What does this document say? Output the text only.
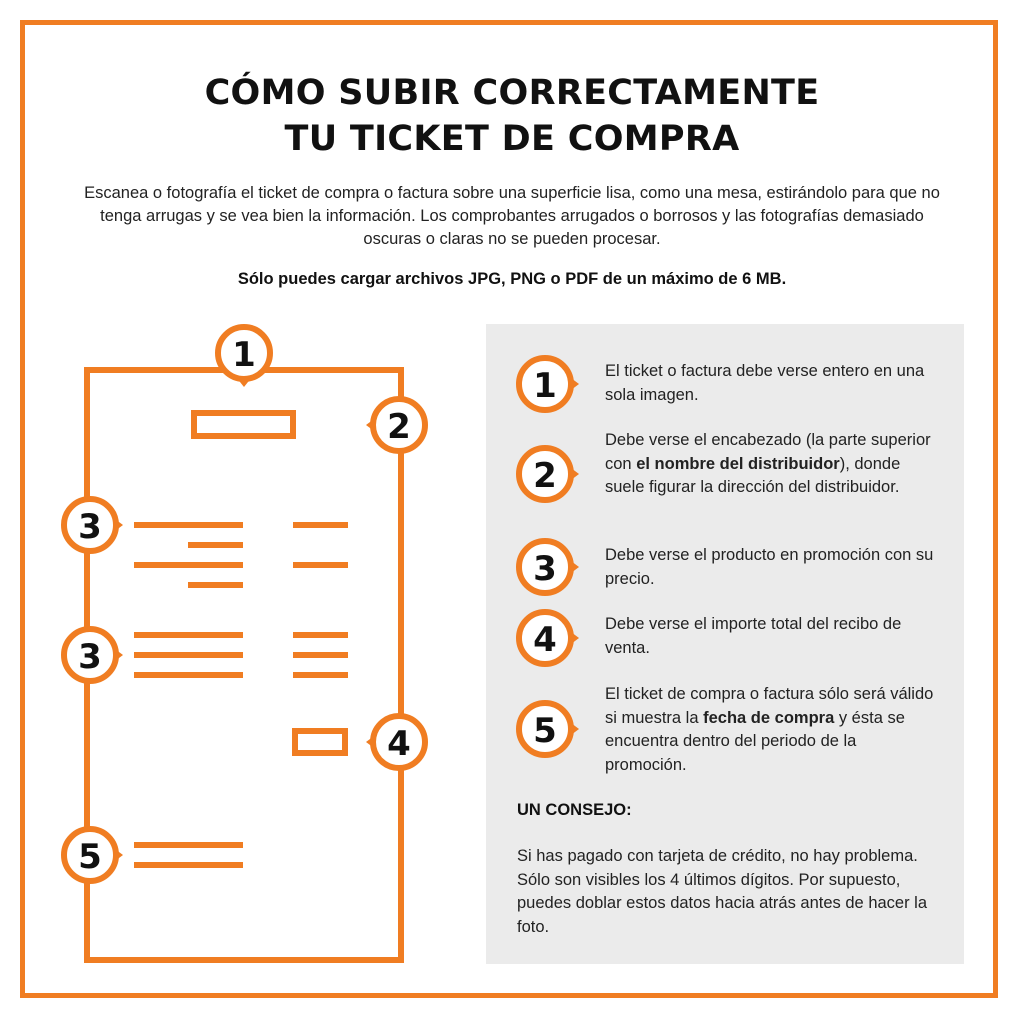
CÓMO SUBIR CORRECTAMENTE
TU TICKET DE COMPRA
Escanea o fotografía el ticket de compra o factura sobre una superficie lisa, como una mesa, estirándolo para que no tenga arrugas y se vea bien la información. Los comprobantes arrugados o borrosos y las fotografías demasiado oscuras o claras no se pueden procesar.
Sólo puedes cargar archivos JPG, PNG o PDF de un máximo de 6 MB.
1
2
3
3
4
5
1
2
3
4
5
El ticket o factura debe verse entero en una sola imagen.
Debe verse el encabezado (la parte superior con el nombre del distribuidor), donde suele figurar la dirección del distribuidor.
Debe verse el producto en promoción con su precio.
Debe verse el importe total del recibo de venta.
El ticket de compra o factura sólo será válido si muestra la fecha de compra y ésta se encuentra dentro del periodo de la promoción.
UN CONSEJO:
Si has pagado con tarjeta de crédito, no hay problema. Sólo son visibles los 4 últimos dígitos. Por supuesto, puedes doblar estos datos hacia atrás antes de hacer la foto.
